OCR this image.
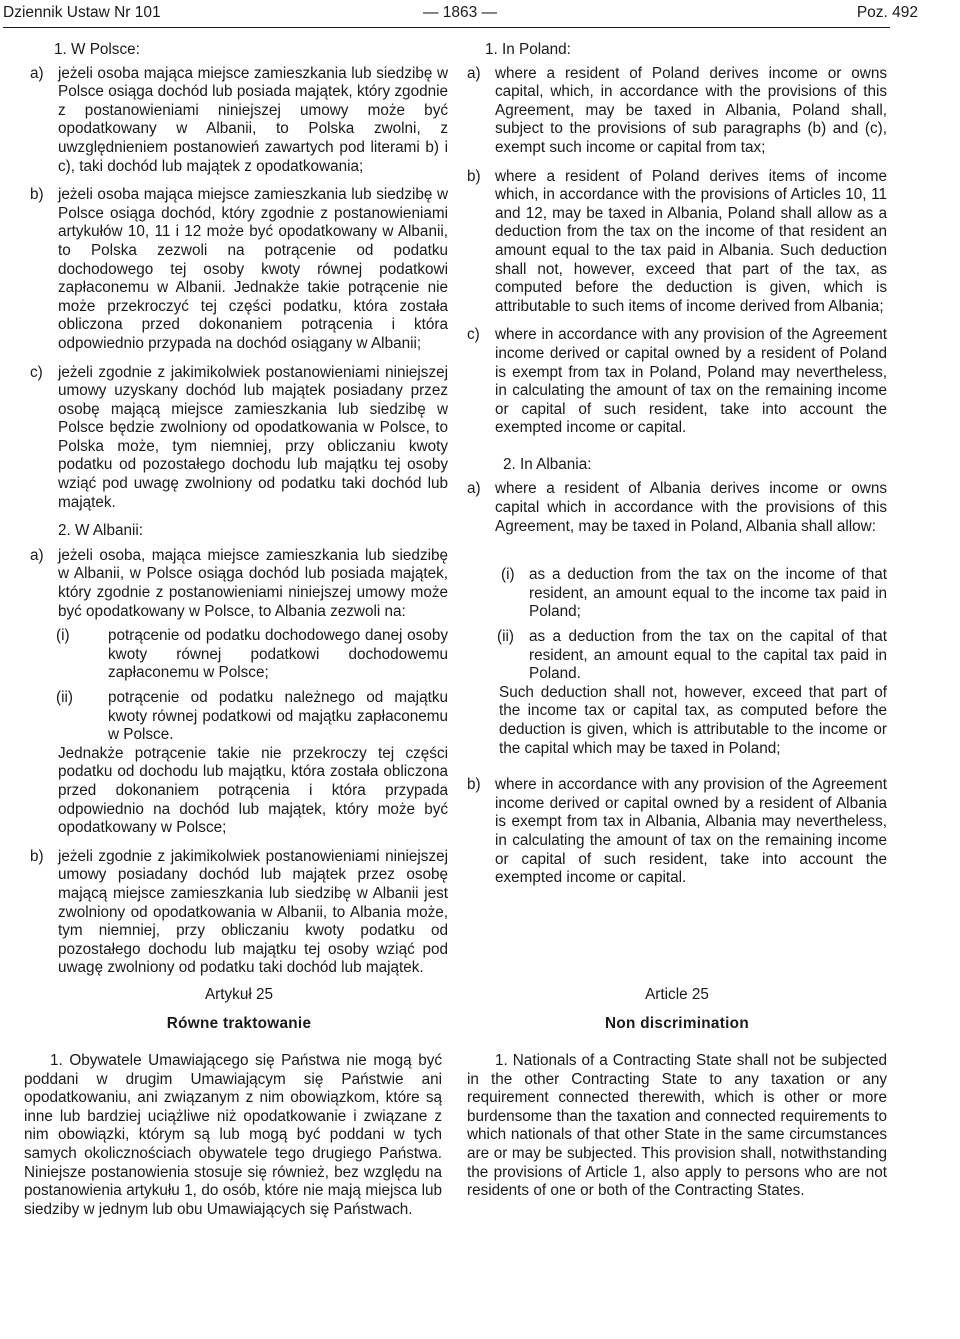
Dziennik Ustaw Nr 101	— 1863 —	Poz. 492

1. W Polsce:

a) jeżeli osoba mająca miejsce zamieszkania lub siedzibę w Polsce osiąga dochód lub posiada majątek, który zgodnie z postanowieniami niniejszej umowy może być opodatkowany w Albanii, to Polska zwolni, z uwzględnieniem postanowień zawartych pod literami b) i c), taki dochód lub majątek z opodatkowania;

b) jeżeli osoba mająca miejsce zamieszkania lub siedzibę w Polsce osiąga dochód, który zgodnie z postanowieniami artykułów 10, 11 i 12 może być opodatkowany w Albanii, to Polska zezwoli na potrącenie od podatku dochodowego tej osoby kwoty równej podatkowi zapłaconemu w Albanii. Jednakże takie potrącenie nie może przekroczyć tej części podatku, która została obliczona przed dokonaniem potrącenia i która odpowiednio przypada na dochód osiągany w Albanii;

c) jeżeli zgodnie z jakimikolwiek postanowieniami niniejszej umowy uzyskany dochód lub majątek posiadany przez osobę mającą miejsce zamieszkania lub siedzibę w Polsce będzie zwolniony od opodatkowania w Polsce, to Polska może, tym niemniej, przy obliczaniu kwoty podatku od pozostałego dochodu lub majątku tej osoby wziąć pod uwagę zwolniony od podatku taki dochód lub majątek.

2. W Albanii:

a) jeżeli osoba, mająca miejsce zamieszkania lub siedzibę w Albanii, w Polsce osiąga dochód lub posiada majątek, który zgodnie z postanowieniami niniejszej umowy może być opodatkowany w Polsce, to Albania zezwoli na:

(i)	potrącenie od podatku dochodowego danej osoby kwoty równej podatkowi dochodowemu zapłaconemu w Polsce;

(ii) potrącenie od podatku należnego od majątku kwoty równej podatkowi od majątku zapłaconemu w Polsce.

Jednakże potrącenie takie nie przekroczy tej części podatku od dochodu lub majątku, która została obliczona przed dokonaniem potrącenia i która przypada odpowiednio na dochód lub majątek, który może być opodatkowany w Polsce;

b) jeżeli zgodnie z jakimikolwiek postanowieniami niniejszej umowy posiadany dochód lub majątek przez osobę mającą miejsce zamieszkania lub siedzibę w Albanii jest zwolniony od opodatkowania w Albanii, to Albania może, tym niemniej, przy obliczaniu kwoty podatku od pozostałego dochodu lub majątku tej osoby wziąć pod uwagę zwolniony od podatku taki dochód lub majątek.

1. In Poland:

a) where a resident of Poland derives income or owns capital, which, in accordance with the provisions of this Agreement, may be taxed in Albania, Poland shall, subject to the provisions of sub paragraphs (b) and (c), exempt such income or capital from tax;

b) where a resident of Poland derives items of income which, in accordance with the provisions of Articles 10, 11 and 12, may be taxed in Albania, Poland shall allow as a deduction from the tax on the income of that resident an amount equal to the tax paid in Albania. Such deduction shall not, however, exceed that part of the tax, as computed before the deduction is given, which is attributable to such items of income derived from Albania;

c) where in accordance with any provision of the Agreement income derived or capital owned by a resident of Poland is exempt from tax in Poland, Poland may nevertheless, in calculating the amount of tax on the remaining income or capital of such resident, take into account the exempted income or capital.

2. In Albania:

a) where a resident of Albania derives income or owns capital which in accordance with the provisions of this Agreement, may be taxed in Poland, Albania shall allow:

(i) as a deduction from the tax on the income of that resident, an amount equal to the income tax paid in Poland;

(ii) as a deduction from the tax on the capital of that resident, an amount equal to the capital tax paid in Poland.

Such deduction shall not, however, exceed that part of the income tax or capital tax, as computed before the deduction is given, which is attributable to the income or the capital which may be taxed in Poland;

b) where in accordance with any provision of the Agreement income derived or capital owned by a resident of Albania is exempt from tax in Albania, Albania may nevertheless, in calculating the amount of tax on the remaining income or capital of such resident, take into account the exempted income or capital.

Artykuł 25
Równe traktowanie
1. Obywatele Umawiającego się Państwa nie mogą być poddani w drugim Umawiającym się Państwie ani opodatkowaniu, ani związanym z nim obowiązkom, które są inne lub bardziej uciążliwe niż opodatkowanie i związane z nim obowiązki, którym są lub mogą być poddani w tych samych okolicznościach obywatele tego drugiego Państwa. Niniejsze postanowienia stosuje się również, bez względu na postanowienia artykułu 1, do osób, które nie mają miejsca lub siedziby w jednym lub obu Umawiających się Państwach.
Article 25
Non discrimination
1. Nationals of a Contracting State shall not be subjected in the other Contracting State to any taxation or any requirement connected therewith, which is other or more burdensome than the taxation and connected requirements to which nationals of that other State in the same circumstances are or may be subjected. This provision shall, notwithstanding the provisions of Article 1, also apply to persons who are not residents of one or both of the Contracting States.
